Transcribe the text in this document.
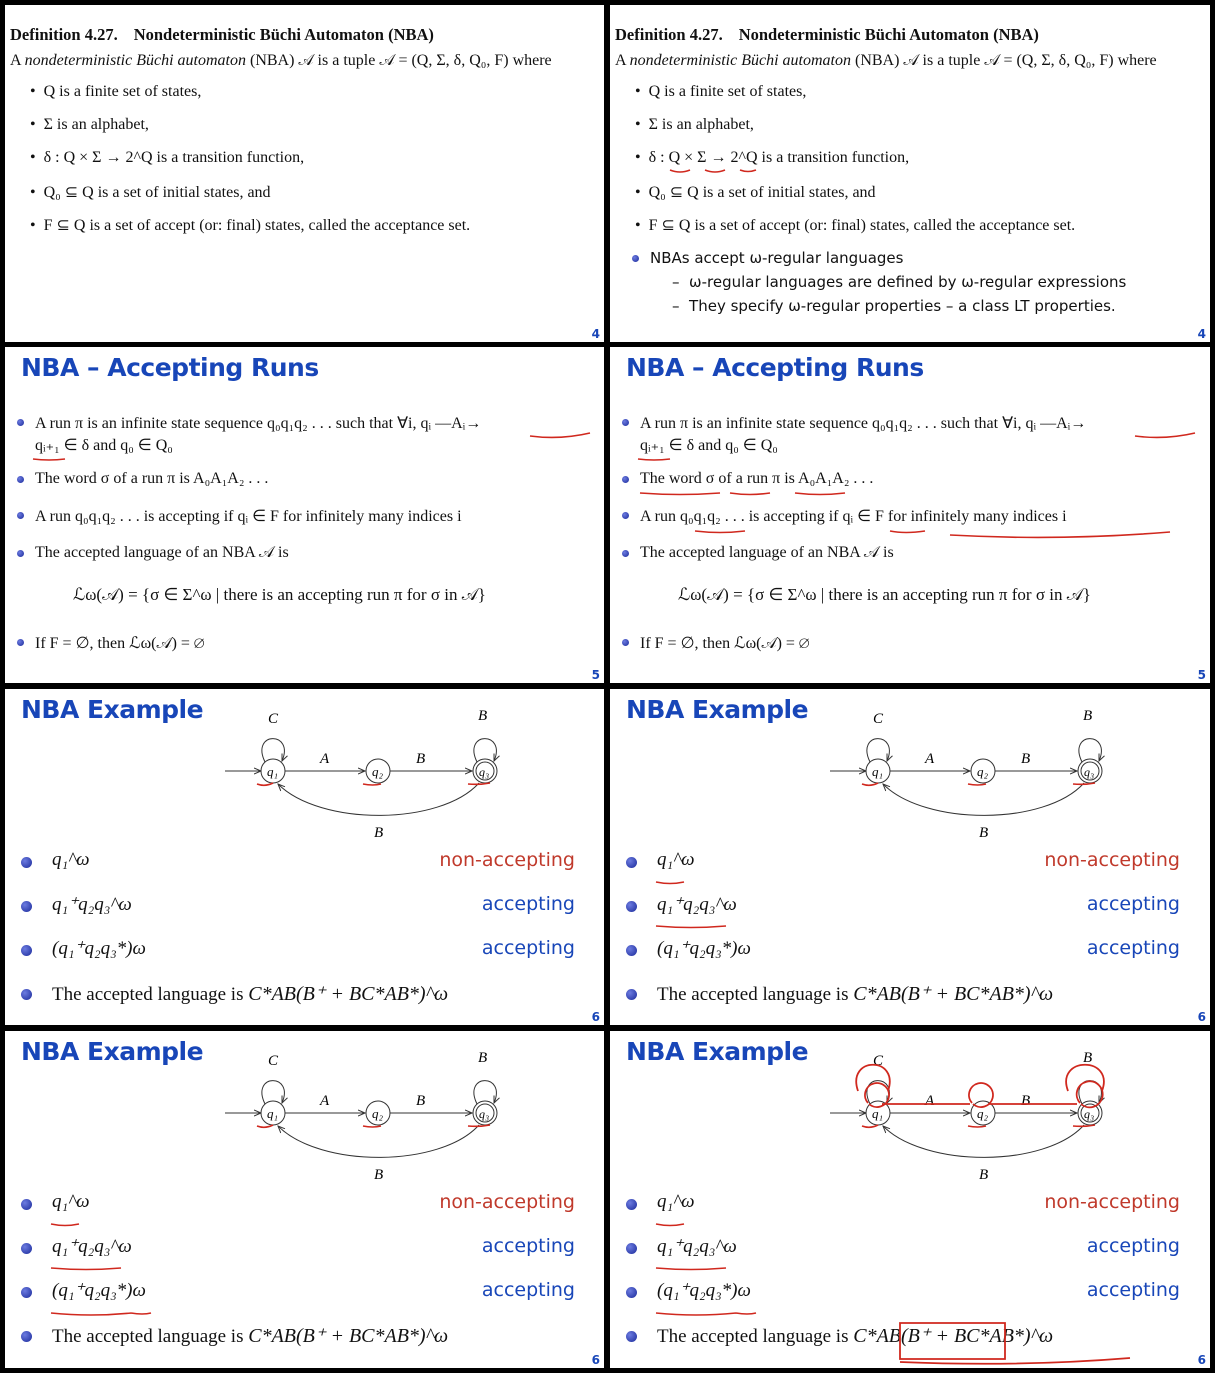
Definition 4.27. Nondeterministic Büchi Automaton (NBA)
A nondeterministic Büchi automaton (NBA) 𝒜 is a tuple 𝒜 = (Q, Σ, δ, Q₀, F) where
• Q is a finite set of states,
• Σ is an alphabet,
• δ : Q × Σ → 2^Q is a transition function,
• Q₀ ⊆ Q is a set of initial states, and
• F ⊆ Q is a set of accept (or: final) states, called the acceptance set.
4
Definition 4.27. Nondeterministic Büchi Automaton (NBA)
A nondeterministic Büchi automaton (NBA) 𝒜 is a tuple 𝒜 = (Q, Σ, δ, Q₀, F) where
• Q is a finite set of states,
• Σ is an alphabet,
• δ : Q × Σ → 2^Q is a transition function,
• Q₀ ⊆ Q is a set of initial states, and
• F ⊆ Q is a set of accept (or: final) states, called the acceptance set.
NBAs accept ω-regular languages
–  ω-regular languages are defined by ω-regular expressions
–  They specify ω-regular properties – a class LT properties.
4
NBA – Accepting Runs
A run π is an infinite state sequence q₀q₁q₂ . . . such that ∀i, qᵢ —Aᵢ→
qᵢ₊₁ ∈ δ and q₀ ∈ Q₀
The word σ of a run π is A₀A₁A₂ . . .
A run q₀q₁q₂ . . . is accepting if qᵢ ∈ F for infinitely many indices i
The accepted language of an NBA 𝒜 is
ℒω(𝒜) = {σ ∈ Σ^ω | there is an accepting run π for σ in 𝒜}
If F = ∅, then ℒω(𝒜) = ∅
5
NBA – Accepting Runs
A run π is an infinite state sequence q₀q₁q₂ . . . such that ∀i, qᵢ —Aᵢ→
qᵢ₊₁ ∈ δ and q₀ ∈ Q₀
The word σ of a run π is A₀A₁A₂ . . .
A run q₀q₁q₂ . . . is accepting if qᵢ ∈ F for infinitely many indices i
The accepted language of an NBA 𝒜 is
ℒω(𝒜) = {σ ∈ Σ^ω | there is an accepting run π for σ in 𝒜}
If F = ∅, then ℒω(𝒜) = ∅
5
NBA Example
q₁	q₂	q₃
C
A	B
B
B
q₁^ω	non-accepting
q₁⁺q₂q₃^ω	accepting
(q₁⁺q₂q₃*)ω	accepting
The accepted language is C*AB(B⁺ + BC*AB*)^ω
6
NBA Example
q₁	q₂	q₃
C
A	B
B
B
q₁^ω	non-accepting
q₁⁺q₂q₃^ω	accepting
(q₁⁺q₂q₃*)ω	accepting
The accepted language is C*AB(B⁺ + BC*AB*)^ω
6
NBA Example
q₁	q₂	q₃
C
A	B
B
B
q₁^ω	non-accepting
q₁⁺q₂q₃^ω	accepting
(q₁⁺q₂q₃*)ω	accepting
The accepted language is C*AB(B⁺ + BC*AB*)^ω
6
NBA Example
q₁	q₂	q₃
C
A	B
B
B
q₁^ω	non-accepting
q₁⁺q₂q₃^ω	accepting
(q₁⁺q₂q₃*)ω	accepting
The accepted language is C*AB(B⁺ + BC*AB*)^ω
6
